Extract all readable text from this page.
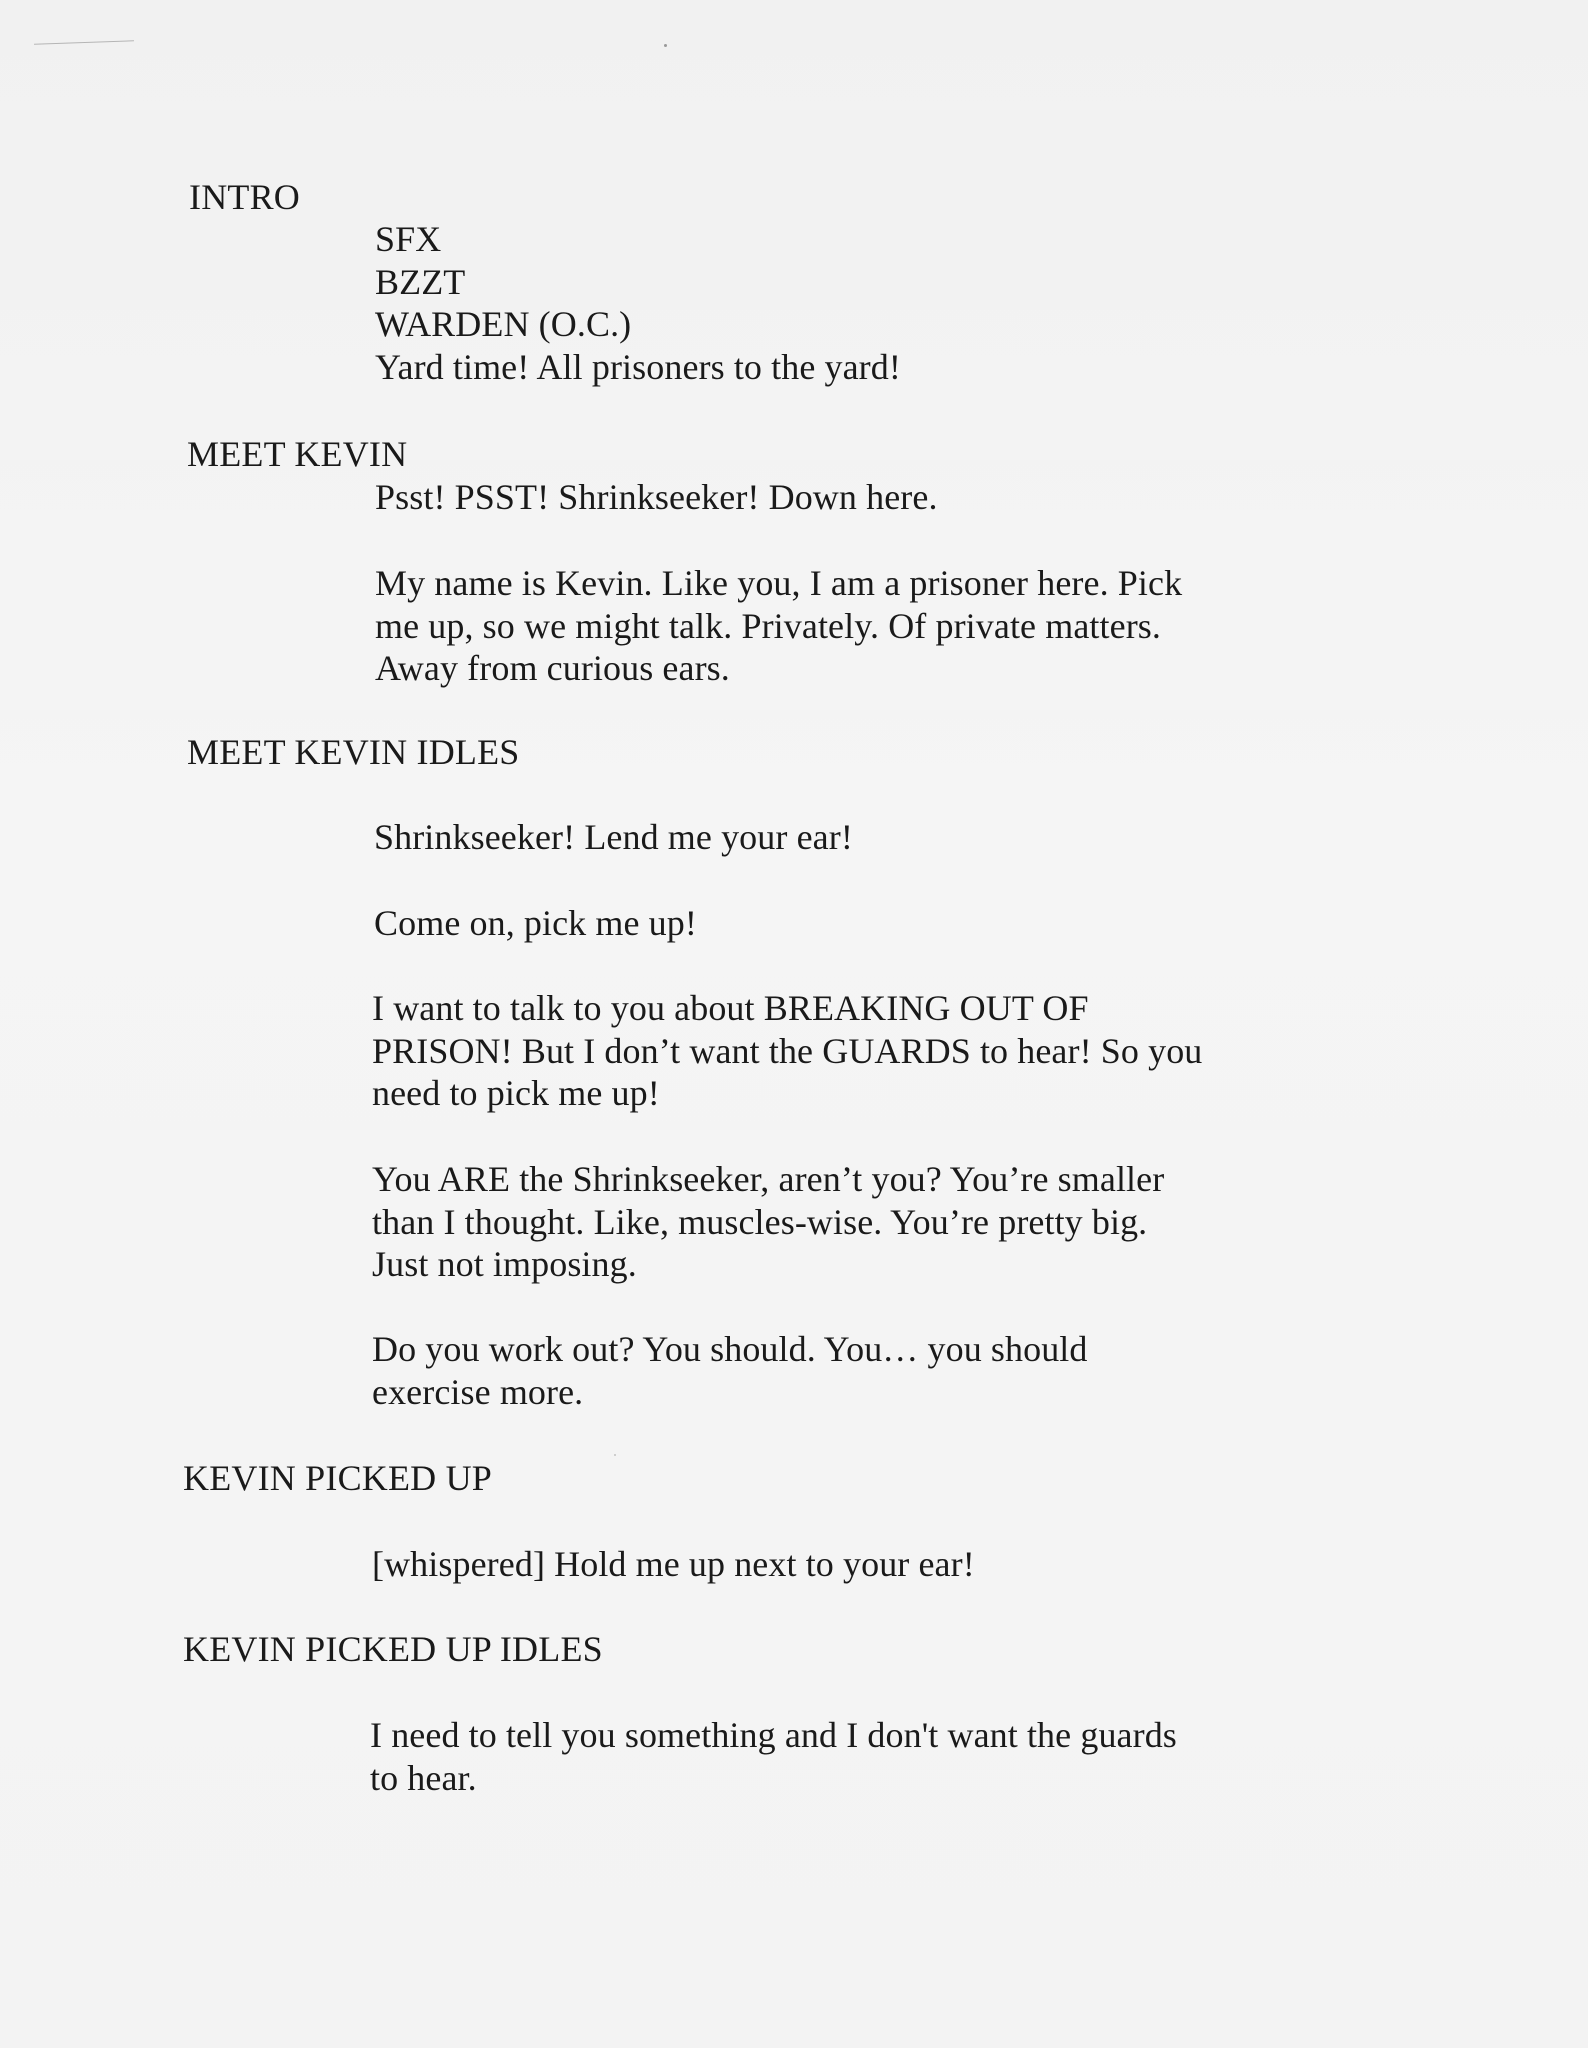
INTRO
SFX
BZZT
WARDEN (O.C.)
Yard time! All prisoners to the yard!
MEET KEVIN
Psst! PSST! Shrinkseeker! Down here.
My name is Kevin. Like you, I am a prisoner here. Pick
me up, so we might talk. Privately. Of private matters.
Away from curious ears.
MEET KEVIN IDLES
Shrinkseeker! Lend me your ear!
Come on, pick me up!
I want to talk to you about BREAKING OUT OF
PRISON! But I don’t want the GUARDS to hear! So you
need to pick me up!
You ARE the Shrinkseeker, aren’t you? You’re smaller
than I thought. Like, muscles-wise. You’re pretty big.
Just not imposing.
Do you work out? You should. You… you should
exercise more.
KEVIN PICKED UP
[whispered] Hold me up next to your ear!
KEVIN PICKED UP IDLES
I need to tell you something and I don't want the guards
to hear.
